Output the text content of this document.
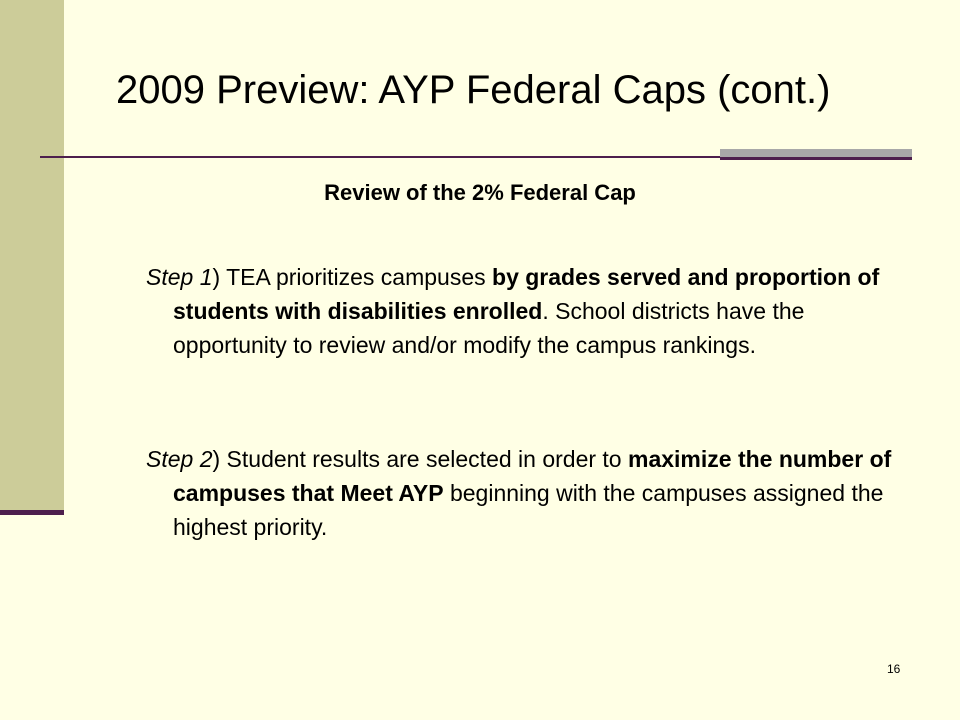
2009 Preview: AYP Federal Caps (cont.)
Review of the 2% Federal Cap
Step 1) TEA prioritizes campuses by grades served and proportion of students with disabilities enrolled. School districts have the opportunity to review and/or modify the campus rankings.
Step 2) Student results are selected in order to maximize the number of campuses that Meet AYP beginning with the campuses assigned the highest priority.
16
